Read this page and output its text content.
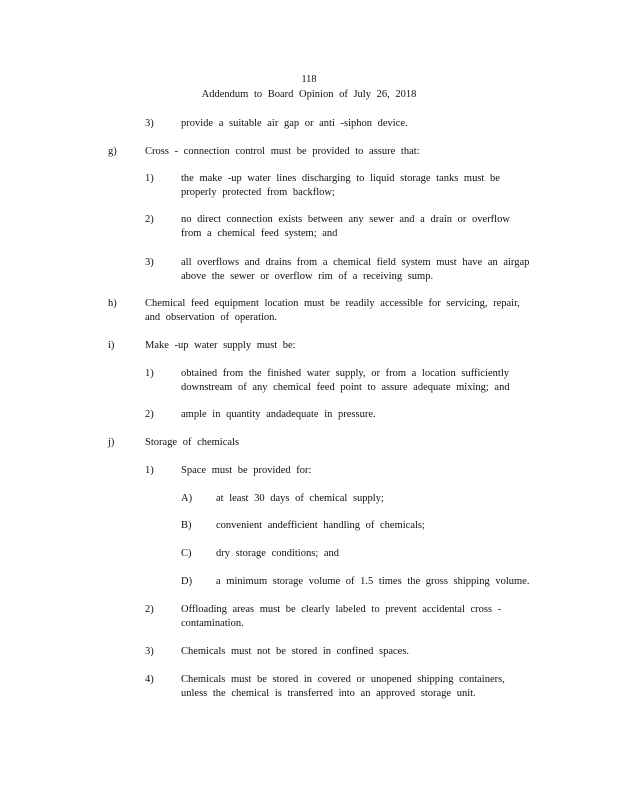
118
Addendum to Board Opinion of July 26, 2018
3)	provide a suitable air gap or anti -siphon device.
g)	Cross - connection control must be provided to assure that:
1)	the make -up water lines discharging to liquid storage tanks must be
properly protected from backflow;
2)	no direct connection exists between any sewer and a drain or overflow
from a chemical feed system; and
3)	all overflows and drains from a chemical field system must have an airgap
above the sewer or overflow rim of a receiving sump.
h)	Chemical feed equipment location must be readily accessible for servicing, repair,
and observation of operation.
i)	Make -up water supply must be:
1)	obtained from the finished water supply, or from a location sufficiently
downstream of any chemical feed point to assure adequate mixing; and
2)	ample in quantity andadequate in pressure.
j)	Storage of chemicals
1)	Space must be provided for:
A) at least 30 days of chemical supply;
B) convenient andefficient handling of chemicals;
C) dry storage conditions; and
D) a minimum storage volume of 1.5 times the gross shipping volume.
2)	Offloading areas must be clearly labeled to prevent accidental cross -
contamination.
3)	Chemicals must not be stored in confined spaces.
4)	Chemicals must be stored in covered or unopened shipping containers,
unless the chemical is transferred into an approved storage unit.
